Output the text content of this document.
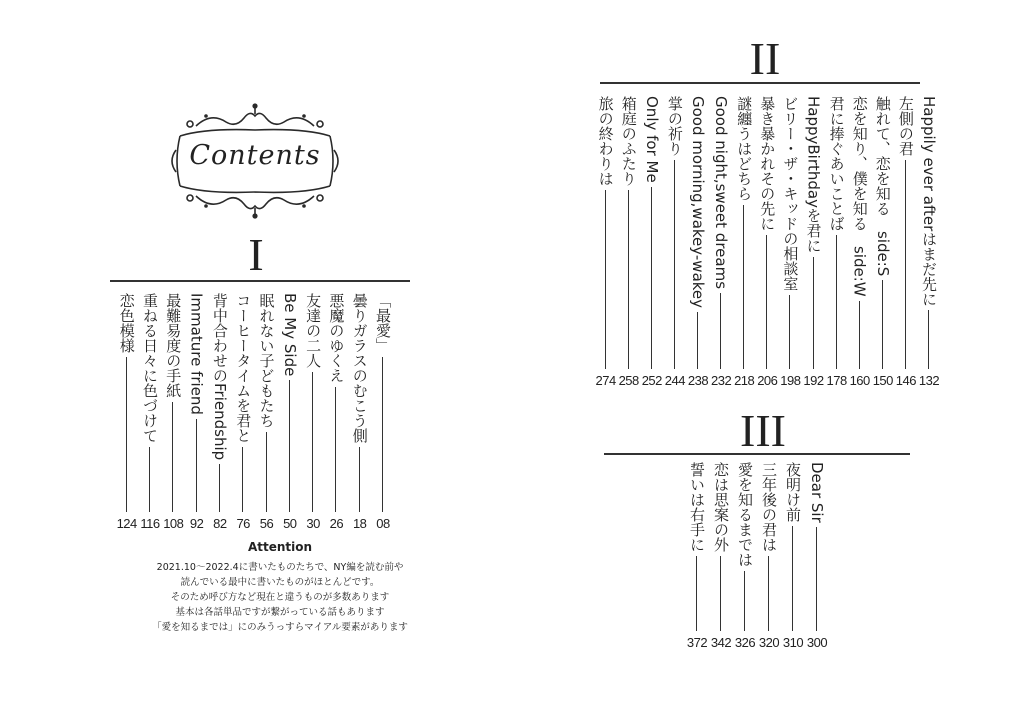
Contents
I
II
III
「最愛」
08
曇りガラスのむこう側
18
悪魔のゆくえ
26
友達の二人
30
Be My Side
50
眠れない子どもたち
56
コーヒータイムを君と
76
背中合わせのFriendship
82
Immature friend
92
最難易度の手紙
108
重ねる日々に色づけて
116
恋色模様
124
Happily ever afterはまだ先に
132
左側の君
146
触れて、恋を知る　side:S
150
恋を知り、僕を知る　side:W
160
君に捧ぐあいことば
178
HappyBirthdayを君に
192
ビリー・ザ・キッドの相談室
198
暴き暴かれその先に
206
謎纏うはどちら
218
Good night,sweet dreams
232
Good morning,wakey-wakey
238
掌の祈り
244
Only for Me
252
箱庭のふたり
258
旅の終わりは
274
Dear Sir
300
夜明け前
310
三年後の君は
320
愛を知るまでは
326
恋は思案の外
342
誓いは右手に
372
Attention
2021.10～2022.4に書いたものたちで、NY編を読む前や
読んでいる最中に書いたものがほとんどです。
そのため呼び方など現在と違うものが多数あります
基本は各話単品ですが繋がっている話もあります
「愛を知るまでは」にのみうっすらマイアル要素があります
